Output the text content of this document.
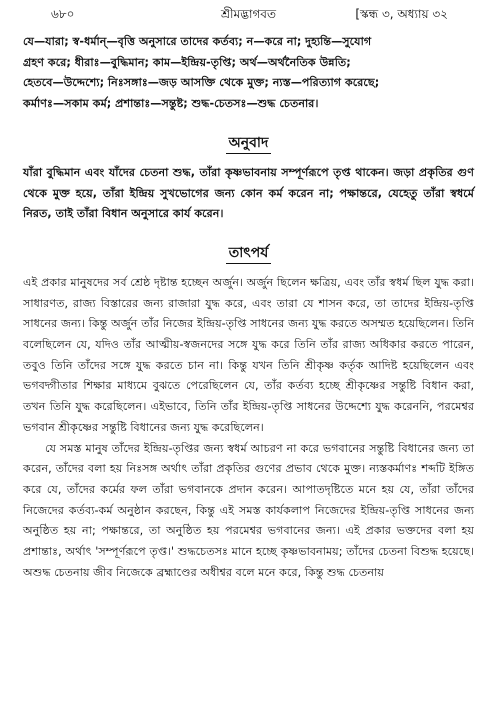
৬৮০	শ্রীমদ্ভাগবত	[স্কন্ধ ৩, অধ্যায় ৩২

যে—যারা; স্ব-ধর্মান্—বৃত্তি অনুসারে তাদের কর্তব্য; ন—করে না; দুহ্যন্তি—সুযোগ

গ্রহণ করে; ধীরাঃ—বুদ্ধিমান; কাম—ইন্দ্রিয়-তৃপ্তি; অর্থ—অর্থনৈতিক উন্নতি;

হেতবে—উদ্দেশ্যে; নিঃসঙ্গাঃ—জড় আসক্তি থেকে মুক্ত; ন্যস্ত—পরিত্যাগ করেছে;

কর্মাণঃ—সকাম কর্ম; প্রশান্তাঃ—সন্তুষ্ট; শুদ্ধ-চেতসঃ—শুদ্ধ চেতনার।

অনুবাদ

যাঁরা বুদ্ধিমান এবং যাঁদের চেতনা শুদ্ধ, তাঁরা কৃষ্ণভাবনায় সম্পূর্ণরূপে তৃপ্ত থাকেন। জড়া প্রকৃতির গুণ থেকে মুক্ত হয়ে, তাঁরা ইন্দ্রিয় সুখভোগের জন্য কোন কর্ম করেন না; পক্ষান্তরে, যেহেতু তাঁরা স্বধর্মে নিরত, তাই তাঁরা বিধান অনুসারে কার্য করেন।

তাৎপর্য

এই প্রকার মানুষদের সর্ব শ্রেষ্ঠ দৃষ্টান্ত হচ্ছেন অর্জুন। অর্জুন ছিলেন ক্ষত্রিয়, এবং তাঁর স্বধর্ম ছিল যুদ্ধ করা। সাধারণত, রাজ্য বিস্তারের জন্য রাজারা যুদ্ধ করে, এবং তারা যে শাসন করে, তা তাদের ইন্দ্রিয়-তৃপ্তি সাধনের জন্য। কিন্তু অর্জুন তাঁর নিজের ইন্দ্রিয়-তৃপ্তি সাধনের জন্য যুদ্ধ করতে অসম্মত হয়েছিলেন। তিনি বলেছিলেন যে, যদিও তাঁর আত্মীয়-স্বজনদের সঙ্গে যুদ্ধ করে তিনি তাঁর রাজ্য অধিকার করতে পারেন, তবুও তিনি তাঁদের সঙ্গে যুদ্ধ করতে চান না। কিন্তু যখন তিনি শ্রীকৃষ্ণ কর্তৃক আদিষ্ট হয়েছিলেন এবং ভগবদ্গীতার শিক্ষার মাধ্যমে বুঝতে পেরেছিলেন যে, তাঁর কর্তব্য হচ্ছে শ্রীকৃষ্ণের সন্তুষ্টি বিধান করা, তখন তিনি যুদ্ধ করেছিলেন। এইভাবে, তিনি তাঁর ইন্দ্রিয়-তৃপ্তি সাধনের উদ্দেশ্যে যুদ্ধ করেননি, পরমেশ্বর ভগবান শ্রীকৃষ্ণের সন্তুষ্টি বিধানের জন্য যুদ্ধ করেছিলেন।

যে সমস্ত মানুষ তাঁদের ইন্দ্রিয়-তৃপ্তির জন্য স্বধর্ম আচরণ না করে ভগবানের সন্তুষ্টি বিধানের জন্য তা করেন, তাঁদের বলা হয় নিঃসঙ্গ অর্থাৎ তাঁরা প্রকৃতির গুণের প্রভাব থেকে মুক্ত। ন্যস্তকর্মাণঃ শব্দটি ইঙ্গিত করে যে, তাঁদের কর্মের ফল তাঁরা ভগবানকে প্রদান করেন। আপাতদৃষ্টিতে মনে হয় যে, তাঁরা তাঁদের নিজেদের কর্তব্য-কর্ম অনুষ্ঠান করছেন, কিন্তু এই সমস্ত কার্যকলাপ নিজেদের ইন্দ্রিয়-তৃপ্তি সাধনের জন্য অনুষ্ঠিত হয় না; পক্ষান্তরে, তা অনুষ্ঠিত হয় পরমেশ্বর ভগবানের জন্য। এই প্রকার ভক্তদের বলা হয় প্রশান্তাঃ, অর্থাৎ 'সম্পূর্ণরূপে তৃপ্ত।' শুদ্ধচেতসঃ মানে হচ্ছে কৃষ্ণভাবনাময়; তাঁদের চেতনা বিশুদ্ধ হয়েছে। অশুদ্ধ চেতনায় জীব নিজেকে ব্রহ্মাণ্ডের অধীশ্বর বলে মনে করে, কিন্তু শুদ্ধ চেতনায়
